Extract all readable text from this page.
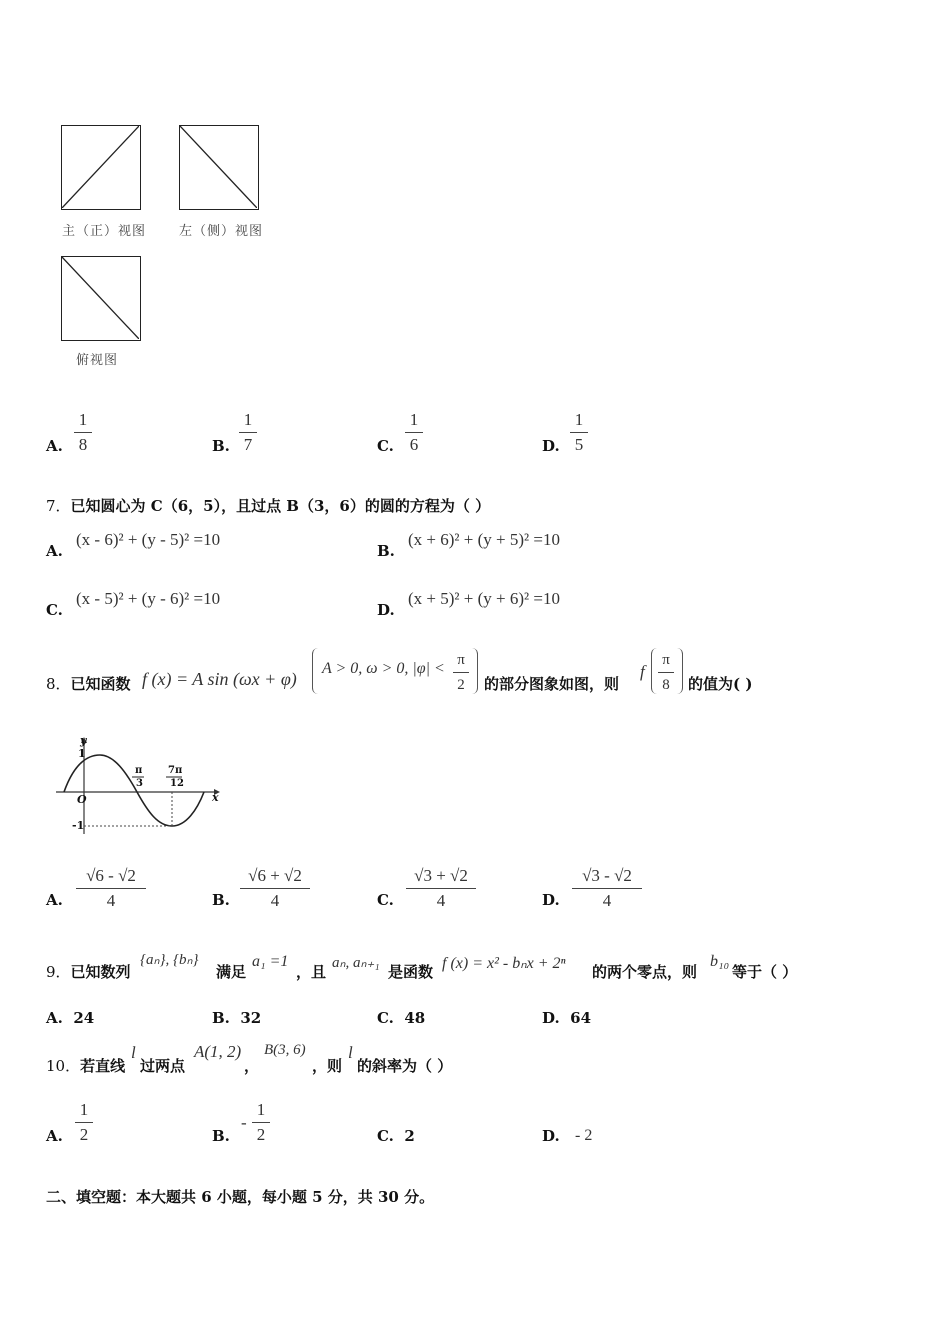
主（正）视图	左（侧）视图
俯视图
A.
1
8	B.
1
7	C.
1
6	D.
1
5
7．已知圆心为 C（6，5），且过点 B（3，6）的圆的方程为（ ）
A.
(x - 6)² + (y - 5)² =10
B.
(x + 6)² + (y + 5)² =10
C.
(x - 5)² + (y - 6)² =10
D.
(x + 5)² + (y + 6)² =10
8．已知函数 f (x) = A sin (ωx + φ)
A > 0, ω > 0, |φ| < π
2 的部分图象如图，则
f
π
8 的值为( )
y
1
O
-1
x
π
3
7π
12
A.
√6 - √2
4	B.
√6 + √2
4	C.
√3 + √2
4	D.
√3 - √2
4
9．已知数列
{aₙ}, {bₙ}
满足
a₁ =1
，且 aₙ, aₙ₊₁ 是函数 f (x) = x² - bₙx + 2ⁿ 的两个零点，则
b₁₀
等于（ ）
A. 24	B. 32	C. 48	D. 64
10．若直线
l
过两点
A(1, 2)
，
B(3, 6)
，则
l
的斜率为（ ）
A.
1
2	B.
-
1
2	C. 2	D. - 2
二、填空题：本大题共 6 小题，每小题 5 分，共 30 分。
